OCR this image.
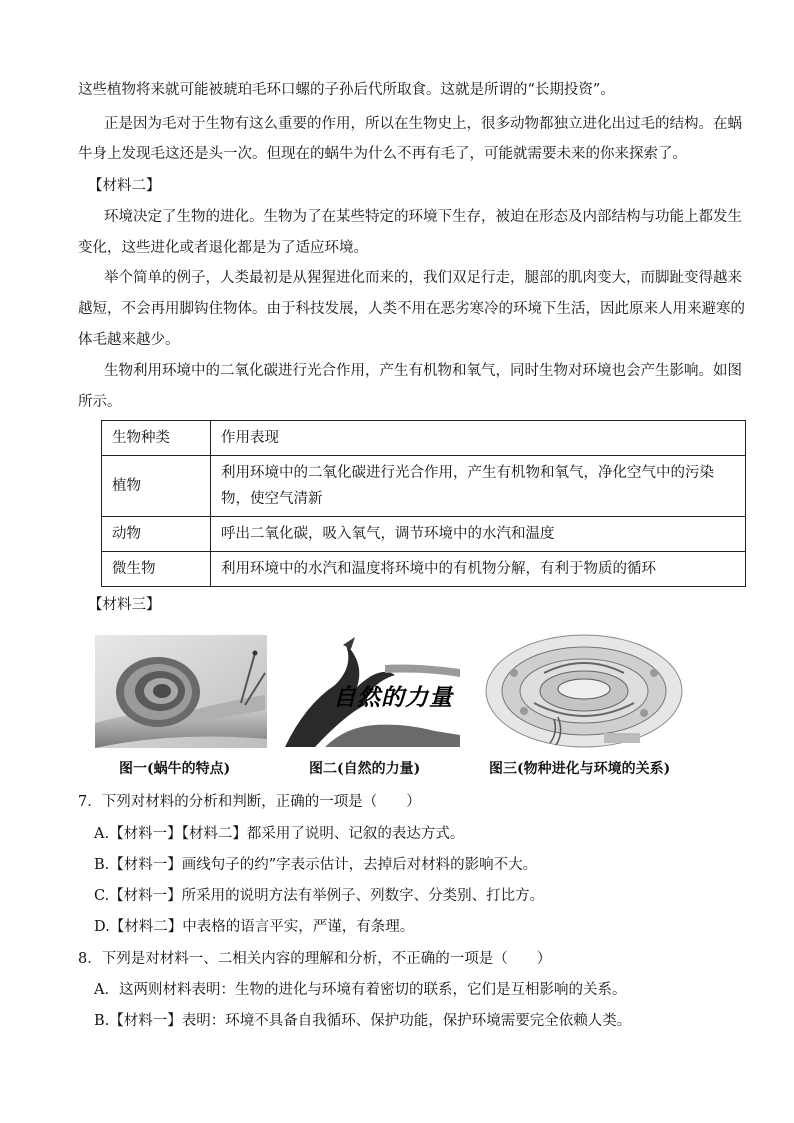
这些植物将来就可能被琥珀毛环口螺的子孙后代所取食。这就是所谓的“长期投资”。
正是因为毛对于生物有这么重要的作用，所以在生物史上，很多动物都独立进化出过毛的结构。在蜗
牛身上发现毛这还是头一次。但现在的蜗牛为什么不再有毛了，可能就需要未来的你来探索了。
【材料二】
环境决定了生物的进化。生物为了在某些特定的环境下生存，被迫在形态及内部结构与功能上都发生
变化，这些进化或者退化都是为了适应环境。
举个简单的例子，人类最初是从猩猩进化而来的，我们双足行走，腿部的肌肉变大，而脚趾变得越来
越短，不会再用脚钩住物体。由于科技发展，人类不用在恶劣寒冷的环境下生活，因此原来人用来避寒的
体毛越来越少。
生物利用环境中的二氧化碳进行光合作用，产生有机物和氧气，同时生物对环境也会产生影响。如图
所示。
生物种类	作用表现
植物	利用环境中的二氧化碳进行光合作用，产生有机物和氧气，净化空气中的污染物，使空气清新
动物	呼出二氧化碳，吸入氧气，调节环境中的水汽和温度
微生物	利用环境中的水汽和温度将环境中的有机物分解，有利于物质的循环
【材料三】
图一(蜗牛的特点)
自然的力量
图二(自然的力量)	图三(物种进化与环境的关系)
7．下列对材料的分析和判断，正确的一项是（　　）
A.【材料一】【材料二】都采用了说明、记叙的表达方式。
B.【材料一】画线句子的约”字表示估计，去掉后对材料的影响不大。
C.【材料一】所采用的说明方法有举例子、列数字、分类别、打比方。
D.【材料二】中表格的语言平实，严谨，有条理。
8．下列是对材料一、二相关内容的理解和分析，不正确的一项是（　　）
A．这两则材料表明：生物的进化与环境有着密切的联系，它们是互相影响的关系。
B.【材料一】表明：环境不具备自我循环、保护功能，保护环境需要完全依赖人类。
